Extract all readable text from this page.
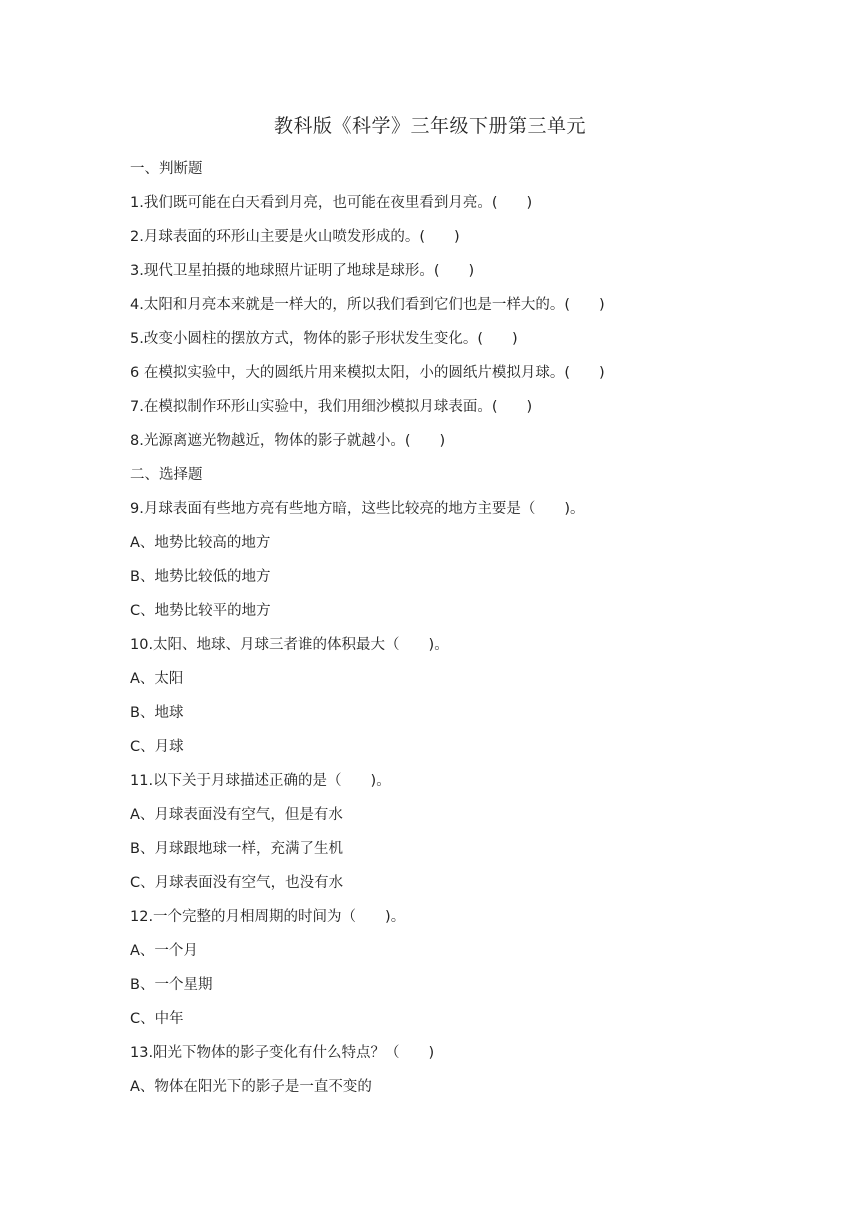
教科版《科学》三年级下册第三单元
一、判断题
1.我们既可能在白天看到月亮，也可能在夜里看到月亮。(　　)
2.月球表面的环形山主要是火山喷发形成的。(　　)
3.现代卫星拍摄的地球照片证明了地球是球形。(　　)
4.太阳和月亮本来就是一样大的，所以我们看到它们也是一样大的。(　　)
5.改变小圆柱的摆放方式，物体的影子形状发生变化。(　　)
6 在模拟实验中，大的圆纸片用来模拟太阳，小的圆纸片模拟月球。(　　)
7.在模拟制作环形山实验中，我们用细沙模拟月球表面。(　　)
8.光源离遮光物越近，物体的影子就越小。(　　)
二、选择题
9.月球表面有些地方亮有些地方暗，这些比较亮的地方主要是（　　)。
A、地势比较高的地方
B、地势比较低的地方
C、地势比较平的地方
10.太阳、地球、月球三者谁的体积最大（　　)。
A、太阳
B、地球
C、月球
11.以下关于月球描述正确的是（　　)。
A、月球表面没有空气，但是有水
B、月球跟地球一样，充满了生机
C、月球表面没有空气，也没有水
12.一个完整的月相周期的时间为（　　)。
A、一个月
B、一个星期
C、中年
13.阳光下物体的影子变化有什么特点？（　　)
A、物体在阳光下的影子是一直不变的
